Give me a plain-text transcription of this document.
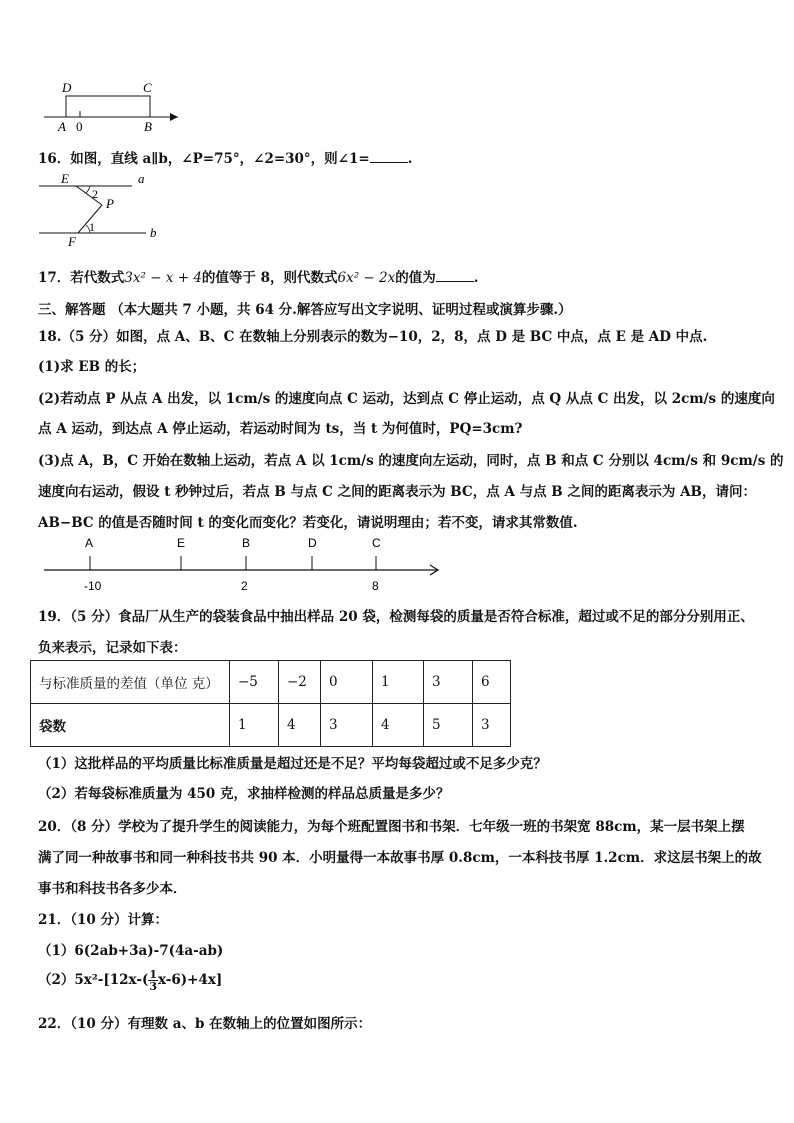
D	C
A 0	B
16．如图，直线 a∥b，∠P=75°，∠2=30°，则∠1=	.
E	a
2
P
1
F
b
17．若代数式3x² − x + 4的值等于 8，则代数式6x² − 2x的值为	.
三、解答题 （本大题共 7 小题，共 64 分.解答应写出文字说明、证明过程或演算步骤.）
18.（5 分）如图，点 A、B、C 在数轴上分别表示的数为−10，2，8，点 D 是 BC 中点，点 E 是 AD 中点.
(1)求 EB 的长；
(2)若动点 P 从点 A 出发，以 1cm/s 的速度向点 C 运动，达到点 C 停止运动，点 Q 从点 C 出发，以 2cm/s 的速度向
点 A 运动，到达点 A 停止运动，若运动时间为 ts，当 t 为何值时，PQ=3cm?
(3)点 A，B，C 开始在数轴上运动，若点 A 以 1cm/s 的速度向左运动，同时，点 B 和点 C 分别以 4cm/s 和 9cm/s 的
速度向右运动，假设 t 秒钟过后，若点 B 与点 C 之间的距离表示为 BC，点 A 与点 B 之间的距离表示为 AB，请问：
AB−BC 的值是否随时间 t 的变化而变化？若变化，请说明理由；若不变，请求其常数值.
A	E	B	D	C
-10	2	8
19．（5 分）食品厂从生产的袋装食品中抽出样品 20 袋，检测每袋的质量是否符合标准，超过或不足的部分分别用正、
负来表示，记录如下表：
与标准质量的差值（单位 克）	−5	−2	0	1	3	6
袋数	1	4	3	4	5	3
（1）这批样品的平均质量比标准质量是超过还是不足？平均每袋超过或不足多少克？
（2）若每袋标准质量为 450 克，求抽样检测的样品总质量是多少？
20．（8 分）学校为了提升学生的阅读能力，为每个班配置图书和书架．七年级一班的书架宽 88cm，某一层书架上摆
满了同一种故事书和同一种科技书共 90 本．小明量得一本故事书厚 0.8cm，一本科技书厚 1.2cm．求这层书架上的故
事书和科技书各多少本．
21．（10 分）计算：
（1）6(2ab+3a)-7(4a-ab)
$(2)5x^2-[12x-( \frac{1}{3} x-6)+4x]$
22．（10 分）有理数 a、b 在数轴上的位置如图所示：
